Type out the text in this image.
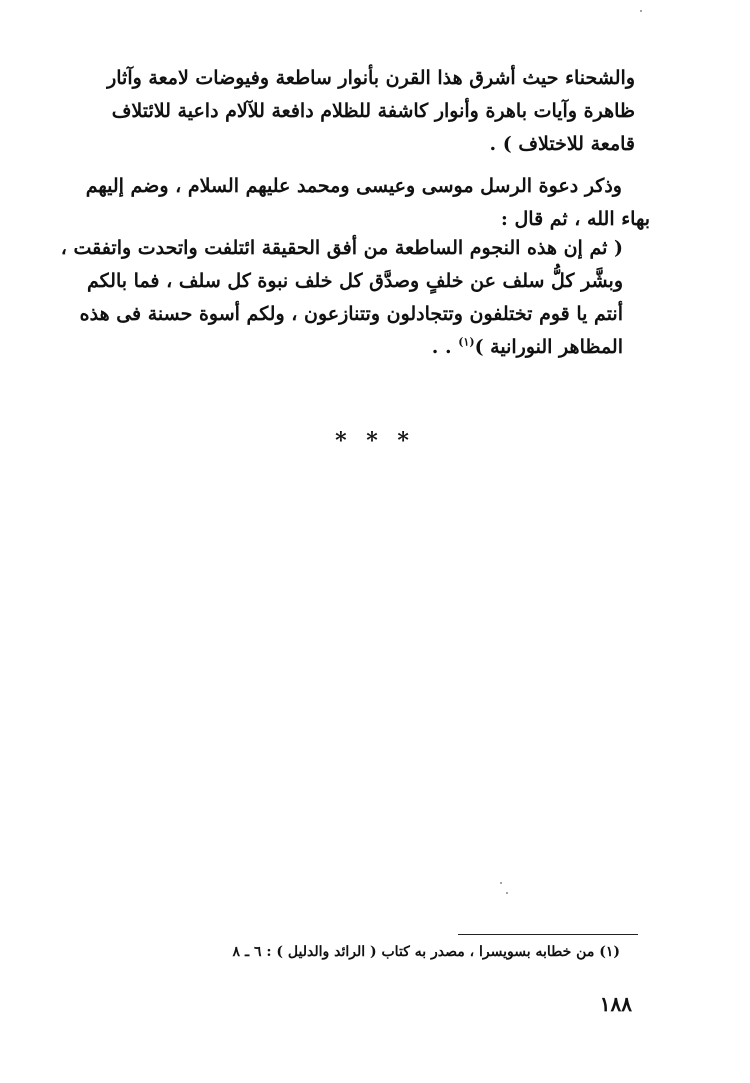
والشحناء حيث أشرق هذا القرن بأنوار ساطعة وفيوضات لامعة وآثار
ظاهرة وآيات باهرة وأنوار كاشفة للظلام دافعة للآلام داعية للائتلاف
قامعة للاختلاف ) .
وذكر دعوة الرسل موسى وعيسى ومحمد عليهم السلام ، وضم إليهم
بهاء الله ، ثم قال :
( ثم إن هذه النجوم الساطعة من أفق الحقيقة ائتلفت واتحدت واتفقت ،
وبشَّر كلُّ سلف عن خلفٍ وصدَّق كل خلف نبوة كل سلف ، فما بالكم
أنتم يا قوم تختلفون وتتجادلون وتتنازعون ، ولكم أسوة حسنة فى هذه
المظاهر النورانية )$^{(١)}$ . .
* * *
(١) من خطابه بسويسرا ، مصدر به كتاب ( الرائد والدليل ) : ٦ ـ ٨
١٨٨
